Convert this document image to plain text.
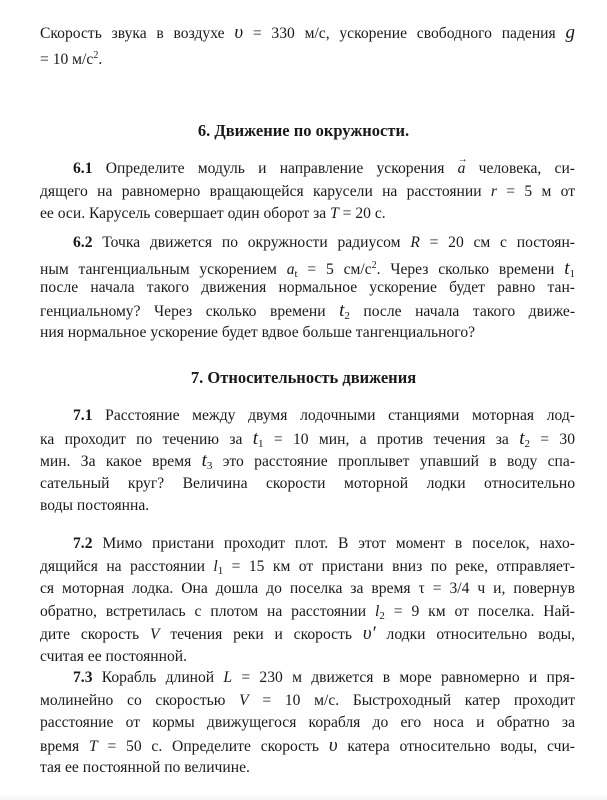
Скорость звука в воздухе υ = 330 м/с, ускорение свободного падения g
= 10 $м/с^2$.
6. Движение по окружности.
6.1 Определите модуль и направление ускорения → a человека, си-
дящего на равномерно вращающейся карусели на расстоянии r = 5 м от
ее оси. Карусель совершает один оборот за T = 20 с.
6.2 Точка движется по окружности радиусом R = 20 см с постоян-
ным тангенциальным ускорением $a_t = 5$ $см/с^2$. Через сколько времени $t_1$
после начала такого движения нормальное ускорение будет равно тан-
генциальному? Через сколько времени $t_2$ после начала такого движе-
ния нормальное ускорение будет вдвое больше тангенциального?
7. Относительность движения
7.1 Расстояние между двумя лодочными станциями моторная лод-
ка проходит по течению за $t_1 = 10$ мин, а против течения за $t_2 = 30$
мин. За какое время $t_3$ это расстояние проплывет упавший в воду спа-
сательный круг? Величина скорости моторной лодки относительно
воды постоянна.
7.2 Мимо пристани проходит плот. В этот момент в поселок, нахо-
дящийся на расстоянии $l_1 = 15$ км от пристани вниз по реке, отправляет-
ся моторная лодка. Она дошла до поселка за время τ = 3/4 ч и, повернув
обратно, встретилась с плотом на расстоянии $l_2 = 9$ км от поселка. Най-
дите скорость V течения реки и скорость υ′ лодки относительно воды,
считая ее постоянной.
7.3 Корабль длиной L = 230 м движется в море равномерно и пря-
молинейно со скоростью V = 10 м/с. Быстроходный катер проходит
расстояние от кормы движущегося корабля до его носа и обратно за
время T = 50 с. Определите скорость υ катера относительно воды, счи-
тая ее постоянной по величине.
